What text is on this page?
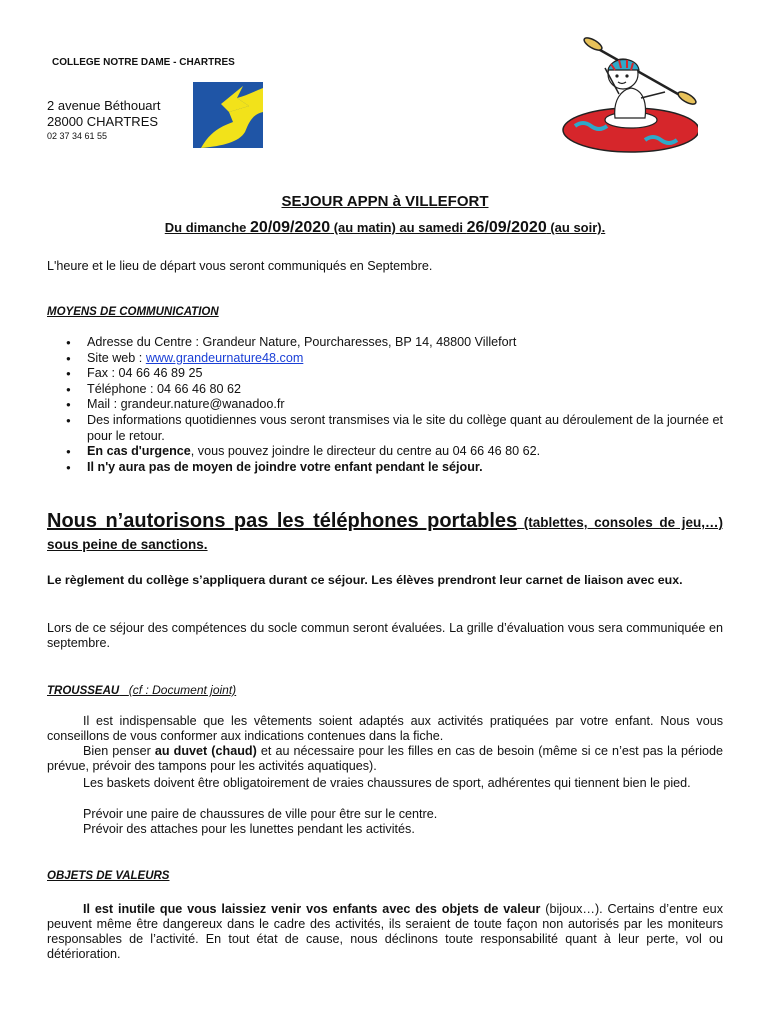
COLLEGE NOTRE DAME - CHARTRES
2 avenue Béthouart
28000 CHARTRES
02 37 34 61 55
SEJOUR APPN à VILLEFORT
Du dimanche 20/09/2020 (au matin) au samedi 26/09/2020 (au soir).
L'heure et le lieu de départ vous seront communiqués en Septembre.
MOYENS DE COMMUNICATION
● Adresse du Centre : Grandeur Nature, Pourcharesses, BP 14, 48800 Villefort
● Site web : www.grandeurnature48.com
● Fax : 04 66 46 89 25
● Téléphone : 04 66 46 80 62
● Mail : grandeur.nature@wanadoo.fr
● Des informations quotidiennes vous seront transmises via le site du collège quant au déroulement de la journée et pour le retour.
● En cas d'urgence, vous pouvez joindre le directeur du centre au 04 66 46 80 62.
● Il n'y aura pas de moyen de joindre votre enfant pendant le séjour.
Nous n’autorisons pas les téléphones portables (tablettes, consoles de jeu,…) sous peine de sanctions.
Le règlement du collège s’appliquera durant ce séjour. Les élèves prendront leur carnet de liaison avec eux.
Lors de ce séjour des compétences du socle commun seront évaluées. La grille d’évaluation vous sera communiquée en septembre.
TROUSSEAU (cf : Document joint)
Il est indispensable que les vêtements soient adaptés aux activités pratiquées par votre enfant. Nous vous conseillons de vous conformer aux indications contenues dans la fiche.
Bien penser au duvet (chaud) et au nécessaire pour les filles en cas de besoin (même si ce n’est pas la période prévue, prévoir des tampons pour les activités aquatiques).
Les baskets doivent être obligatoirement de vraies chaussures de sport, adhérentes qui tiennent bien le pied.
Prévoir une paire de chaussures de ville pour être sur le centre.
Prévoir des attaches pour les lunettes pendant les activités.
OBJETS DE VALEURS
Il est inutile que vous laissiez venir vos enfants avec des objets de valeur (bijoux…). Certains d’entre eux peuvent même être dangereux dans le cadre des activités, ils seraient de toute façon non autorisés par les moniteurs responsables de l’activité. En tout état de cause, nous déclinons toute responsabilité quant à leur perte, vol ou détérioration.
